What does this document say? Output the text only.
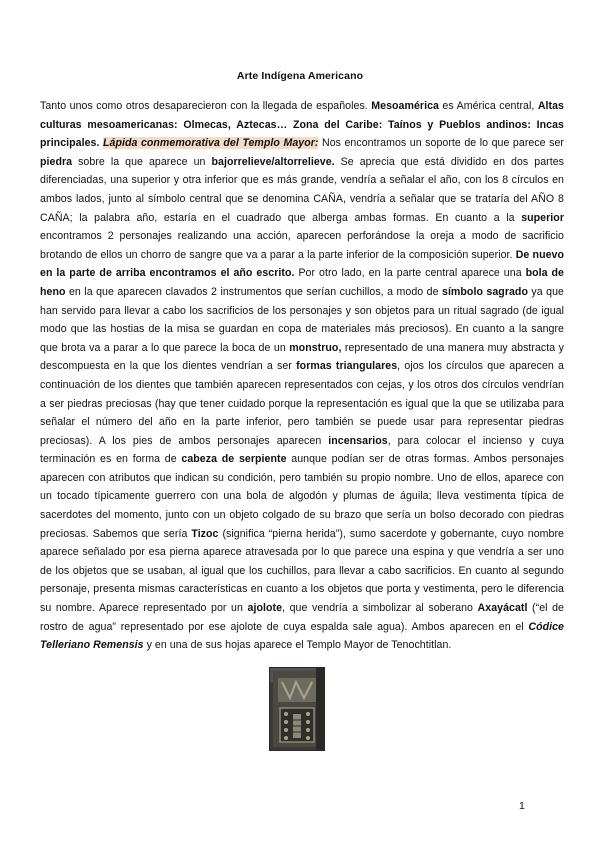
Arte Indígena Americano
Tanto unos como otros desaparecieron con la llegada de españoles. Mesoamérica es América central, Altas culturas mesoamericanas: Olmecas, Aztecas… Zona del Caribe: Taínos y Pueblos andinos: Incas principales. Lápida conmemorativa del Templo Mayor: Nos encontramos un soporte de lo que parece ser piedra sobre la que aparece un bajorrelieve/altorrelieve. Se aprecia que está dividido en dos partes diferenciadas, una superior y otra inferior que es más grande, vendría a señalar el año, con los 8 círculos en ambos lados, junto al símbolo central que se denomina CAÑA, vendría a señalar que se trataría del AÑO 8 CAÑA; la palabra año, estaría en el cuadrado que alberga ambas formas. En cuanto a la superior encontramos 2 personajes realizando una acción, aparecen perforándose la oreja a modo de sacrificio brotando de ellos un chorro de sangre que va a parar a la parte inferior de la composición superior. De nuevo en la parte de arriba encontramos el año escrito. Por otro lado, en la parte central aparece una bola de heno en la que aparecen clavados 2 instrumentos que serían cuchillos, a modo de símbolo sagrado ya que han servido para llevar a cabo los sacrificios de los personajes y son objetos para un ritual sagrado (de igual modo que las hostias de la misa se guardan en copa de materiales más preciosos). En cuanto a la sangre que brota va a parar a lo que parece la boca de un monstruo, representado de una manera muy abstracta y descompuesta en la que los dientes vendrían a ser formas triangulares, ojos los círculos que aparecen a continuación de los dientes que también aparecen representados con cejas, y los otros dos círculos vendrían a ser piedras preciosas (hay que tener cuidado porque la representación es igual que la que se utilizaba para señalar el número del año en la parte inferior, pero también se puede usar para representar piedras preciosas). A los pies de ambos personajes aparecen incensarios, para colocar el incienso y cuya terminación es en forma de cabeza de serpiente aunque podían ser de otras formas. Ambos personajes aparecen con atributos que indican su condición, pero también su propio nombre. Uno de ellos, aparece con un tocado típicamente guerrero con una bola de algodón y plumas de águila; lleva vestimenta típica de sacerdotes del momento, junto con un objeto colgado de su brazo que sería un bolso decorado con piedras preciosas. Sabemos que sería Tizoc (significa “pierna herida”), sumo sacerdote y gobernante, cuyo nombre aparece señalado por esa pierna aparece atravesada por lo que parece una espina y que vendría a ser uno de los objetos que se usaban, al igual que los cuchillos, para llevar a cabo sacrificios. En cuanto al segundo personaje, presenta mismas características en cuanto a los objetos que porta y vestimenta, pero le diferencia su nombre. Aparece representado por un ajolote, que vendría a simbolizar al soberano Axayácatl (“el de rostro de agua” representado por ese ajolote de cuya espalda sale agua). Ambos aparecen en el Códice Telleriano Remensis y en una de sus hojas aparece el Templo Mayor de Tenochtitlan.
1
